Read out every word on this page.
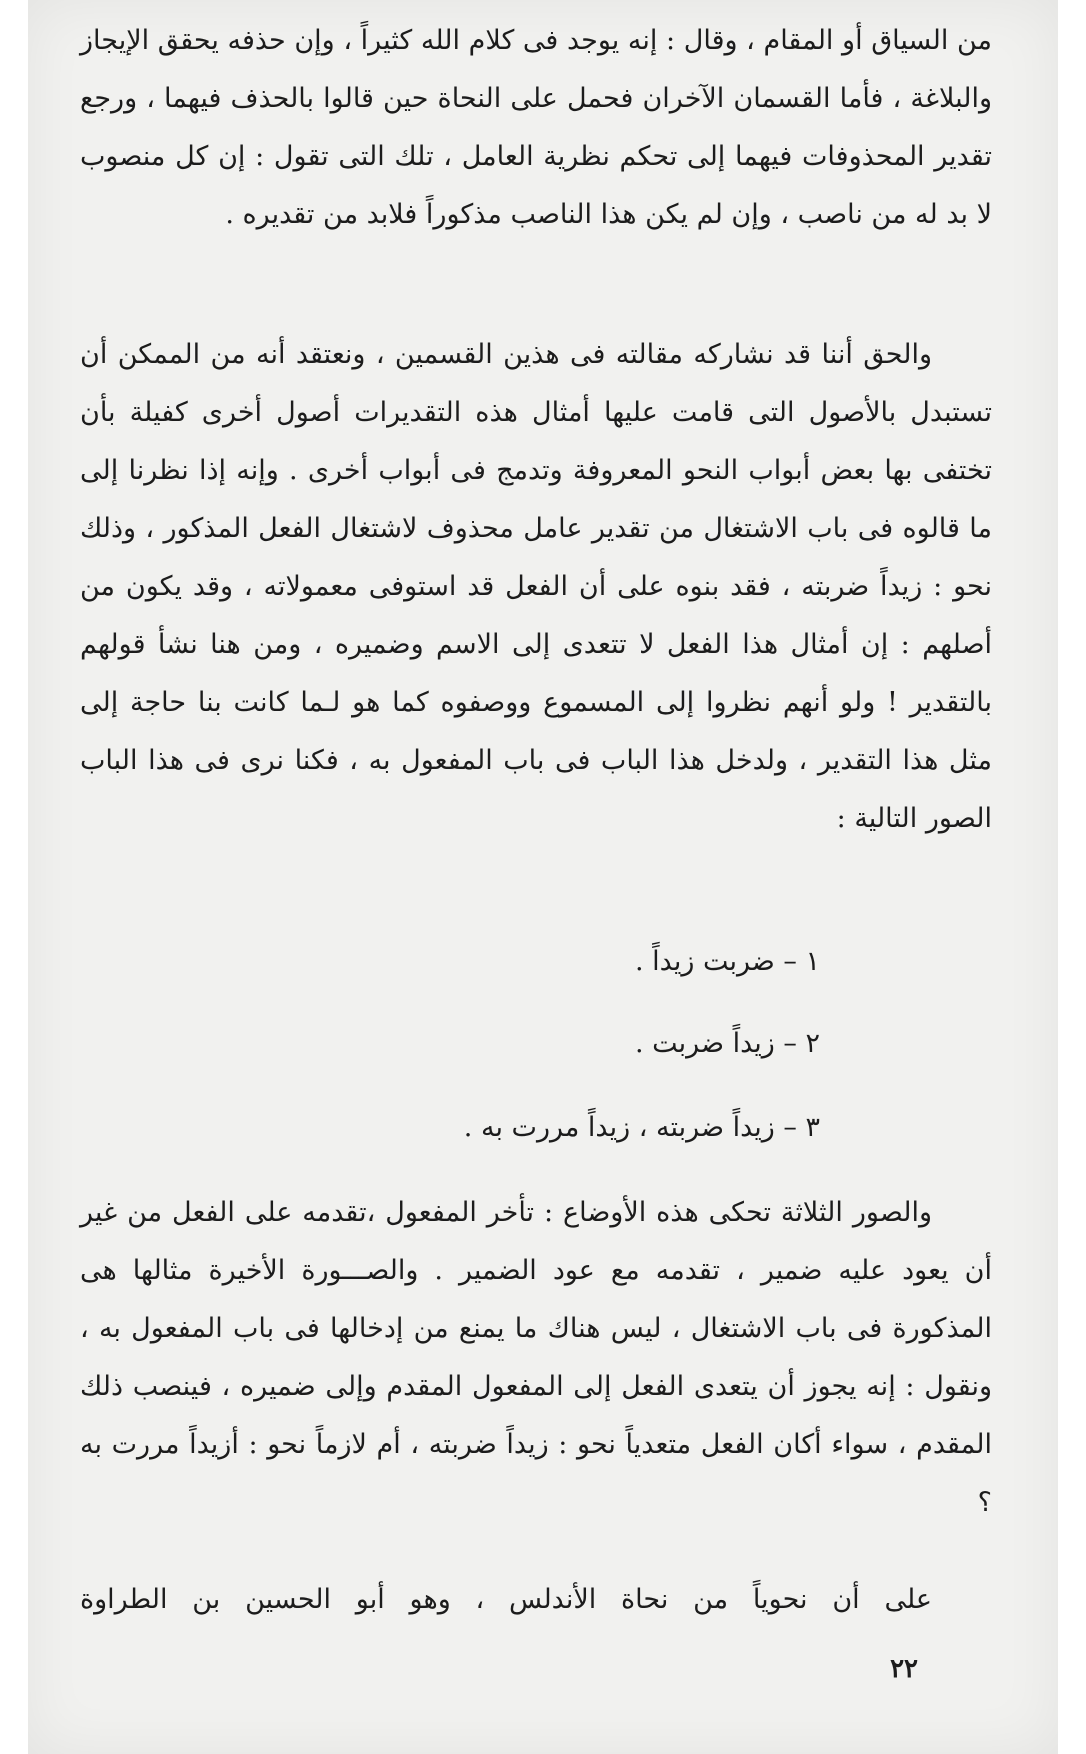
من السياق أو المقام ، وقال : إنه يوجد فى كلام الله كثيراً ، وإن حذفه يحقق الإيجاز والبلاغة ، فأما القسمان الآخران فحمل على النحاة حين قالوا بالحذف فيهما ، ورجع تقدير المحذوفات فيهما إلى تحكم نظرية العامل ، تلك التى تقول : إن كل منصوب لا بد له من ناصب ، وإن لم يكن هذا الناصب مذكوراً فلابد من تقديره .

والحق أننا قد نشاركه مقالته فى هذين القسمين ، ونعتقد أنه من الممكن أن تستبدل بالأصول التى قامت عليها أمثال هذه التقديرات أصول أخرى كفيلة بأن تختفى بها بعض أبواب النحو المعروفة وتدمج فى أبواب أخرى . وإنه إذا نظرنا إلى ما قالوه فى باب الاشتغال من تقدير عامل محذوف لاشتغال الفعل المذكور ، وذلك نحو : زيداً ضربته ، فقد بنوه على أن الفعل قد استوفى معمولاته ، وقد يكون من أصلهم : إن أمثال هذا الفعل لا تتعدى إلى الاسم وضميره ، ومن هنا نشأ قولهم بالتقدير ! ولو أنهم نظروا إلى المسموع ووصفوه كما هو لـما كانت بنا حاجة إلى مثل هذا التقدير ، ولدخل هذا الباب فى باب المفعول به ، فكنا نرى فى هذا الباب الصور التالية :

١ – ضربت زيداً .
٢ – زيداً ضربت .
٣ – زيداً ضربته ، زيداً مررت به .

والصور الثلاثة تحكى هذه الأوضاع : تأخر المفعول ،تقدمه على الفعل من غير أن يعود عليه ضمير ، تقدمه مع عود الضمير . والصـــورة الأخيرة مثالها هى المذكورة فى باب الاشتغال ، ليس هناك ما يمنع من إدخالها فى باب المفعول به ، ونقول : إنه يجوز أن يتعدى الفعل إلى المفعول المقدم وإلى ضميره ، فينصب ذلك المقدم ، سواء أكان الفعل متعدياً نحو : زيداً ضربته ، أم لازماً نحو : أزيداً مررت به ؟

على أن نحوياً من نحاة الأندلس ، وهو أبو الحسين بن الطراوة
٢٢
